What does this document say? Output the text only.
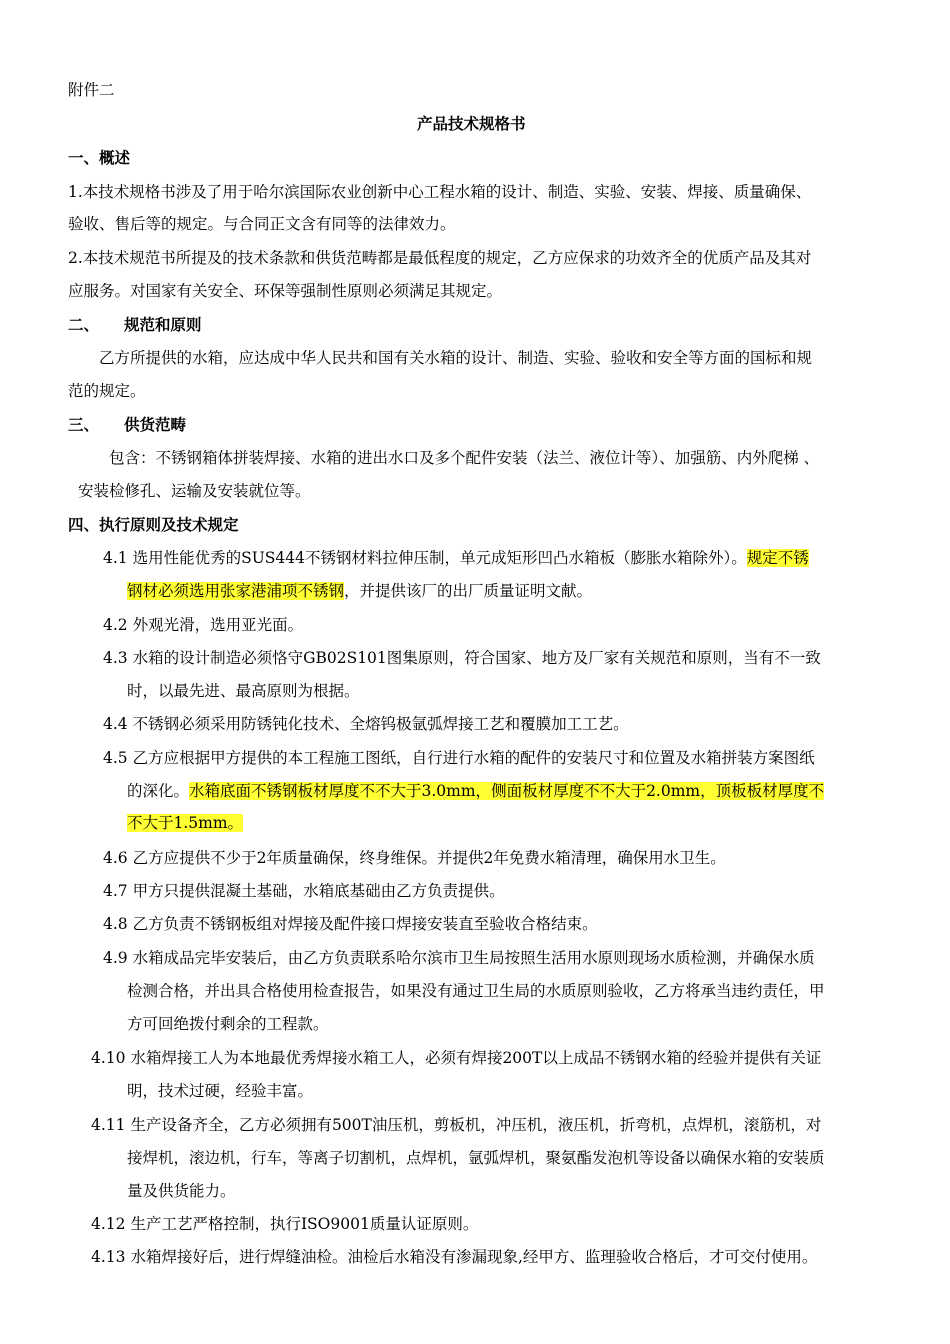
附件二
产品技术规格书
一、概述
1.本技术规格书涉及了用于哈尔滨国际农业创新中心工程水箱的设计、制造、实验、安装、焊接、质量确保、
验收、售后等的规定。与合同正文含有同等的法律效力。
2.本技术规范书所提及的技术条款和供货范畴都是最低程度的规定，乙方应保求的功效齐全的优质产品及其对
应服务。对国家有关安全、环保等强制性原则必须满足其规定。
二、 规范和原则
乙方所提供的水箱，应达成中华人民共和国有关水箱的设计、制造、实验、验收和安全等方面的国标和规
范的规定。
三、 供货范畴
包含：不锈钢箱体拼装焊接、水箱的进出水口及多个配件安装（法兰、液位计等）、加强筋、内外爬梯 、
安装检修孔、运输及安装就位等。
四、执行原则及技术规定
4.1 选用性能优秀的SUS444不锈钢材料拉伸压制，单元成矩形凹凸水箱板（膨胀水箱除外）。规定不锈
钢材必须选用张家港浦项不锈钢，并提供该厂的出厂质量证明文献。
4.2 外观光滑，选用亚光面。
4.3 水箱的设计制造必须恪守GB02S101图集原则，符合国家、地方及厂家有关规范和原则，当有不一致
时，以最先进、最高原则为根据。
4.4 不锈钢必须采用防锈钝化技术、全熔钨极氩弧焊接工艺和覆膜加工工艺。
4.5 乙方应根据甲方提供的本工程施工图纸，自行进行水箱的配件的安装尺寸和位置及水箱拼装方案图纸
的深化。水箱底面不锈钢板材厚度不不大于3.0mm，侧面板材厚度不不大于2.0mm，顶板板材厚度不
不大于1.5mm。
4.6 乙方应提供不少于2年质量确保，终身维保。并提供2年免费水箱清理，确保用水卫生。
4.7 甲方只提供混凝土基础，水箱底基础由乙方负责提供。
4.8 乙方负责不锈钢板组对焊接及配件接口焊接安装直至验收合格结束。
4.9 水箱成品完毕安装后，由乙方负责联系哈尔滨市卫生局按照生活用水原则现场水质检测，并确保水质
检测合格，并出具合格使用检查报告，如果没有通过卫生局的水质原则验收，乙方将承当违约责任，甲
方可回绝拨付剩余的工程款。
4.10 水箱焊接工人为本地最优秀焊接水箱工人，必须有焊接200T以上成品不锈钢水箱的经验并提供有关证
明，技术过硬，经验丰富。
4.11 生产设备齐全，乙方必须拥有500T油压机，剪板机，冲压机，液压机，折弯机，点焊机，滚筋机，对
接焊机，滚边机，行车，等离子切割机，点焊机，氩弧焊机，聚氨酯发泡机等设备以确保水箱的安装质
量及供货能力。
4.12 生产工艺严格控制，执行ISO9001质量认证原则。
4.13 水箱焊接好后，进行焊缝油检。油检后水箱没有渗漏现象,经甲方、监理验收合格后，才可交付使用。
